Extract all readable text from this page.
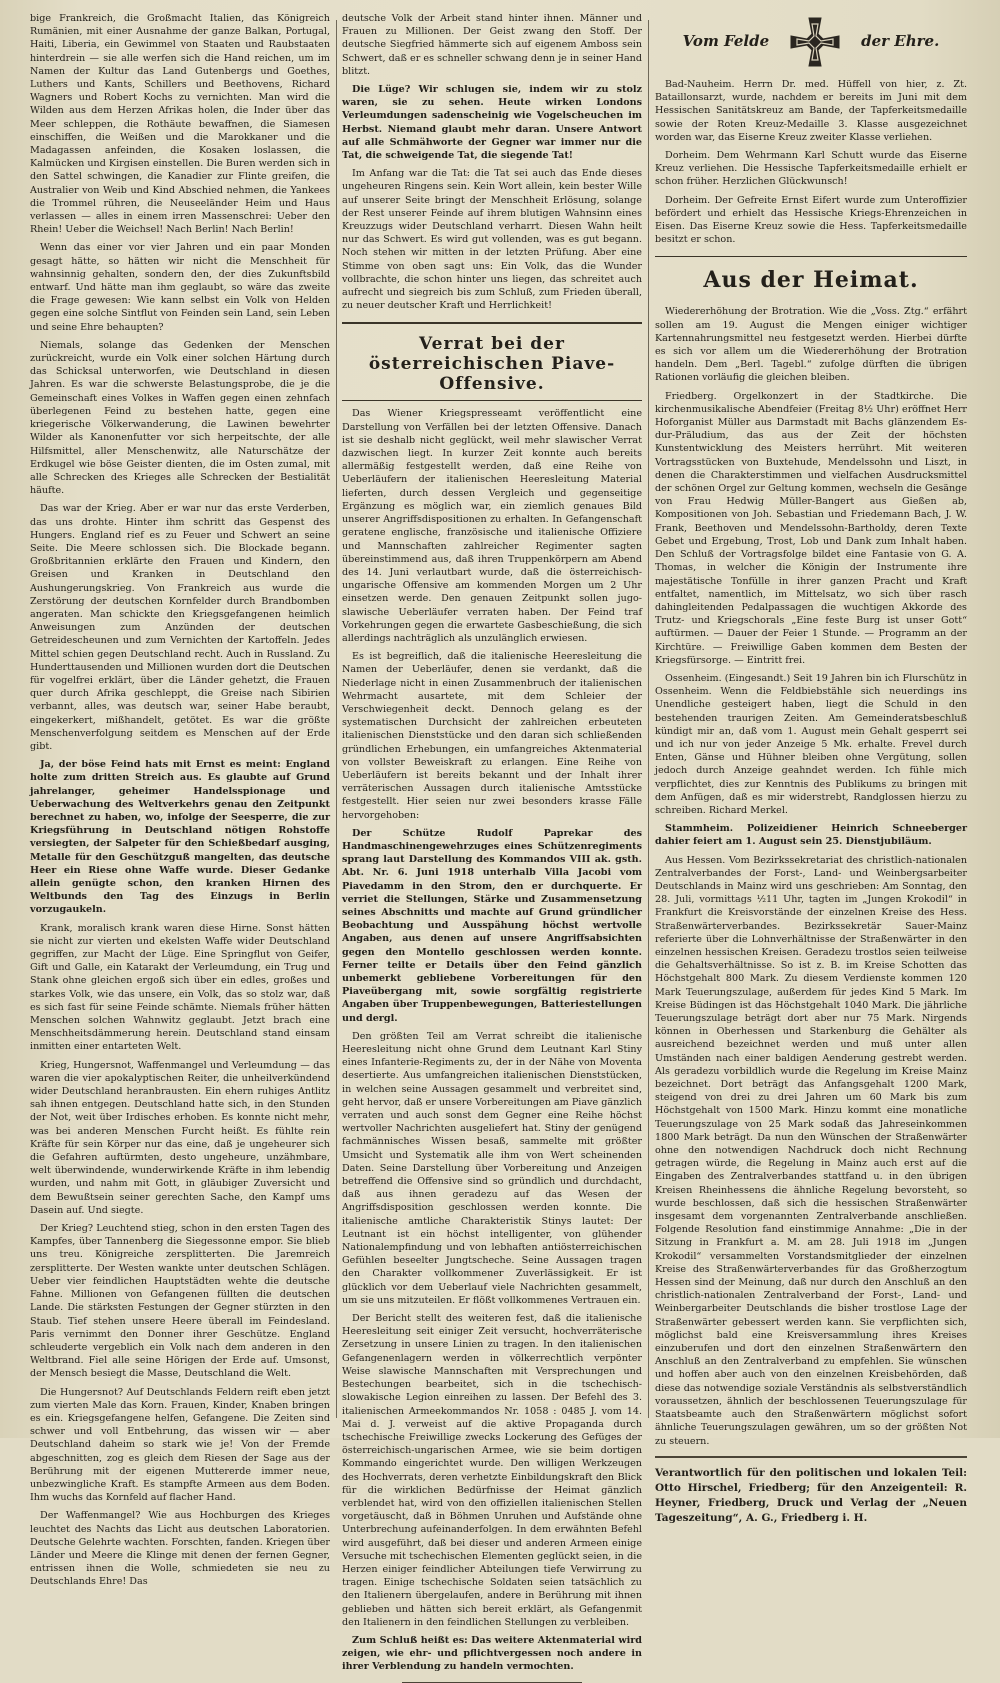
bige Frankreich, die Großmacht Italien, das Königreich Rumänien, mit einer Ausnahme der ganze Balkan, Portugal, Haiti, Liberia, ein Gewimmel von Staaten und Raubstaaten hinterdrein — sie alle werfen sich die Hand reichen, um im Namen der Kultur das Land Gutenbergs und Goethes, Luthers und Kants, Schillers und Beethovens, Richard Wagners und Robert Kochs zu vernichten. Man wird die Wilden aus dem Herzen Afrikas holen, die Inder über das Meer schleppen, die Rothäute bewaffnen, die Siamesen einschiffen, die Weißen und die Marokkaner und die Madagassen anfeinden, die Kosaken loslassen, die Kalmücken und Kirgisen einstellen. Die Buren werden sich in den Sattel schwingen, die Kanadier zur Flinte greifen, die Australier von Weib und Kind Abschied nehmen, die Yankees die Trommel rühren, die Neuseeländer Heim und Haus verlassen — alles in einem irren Massenschrei: Ueber den Rhein! Ueber die Weichsel! Nach Berlin! Nach Berlin!

Wenn das einer vor vier Jahren und ein paar Monden gesagt hätte, so hätten wir nicht die Menschheit für wahnsinnig gehalten, sondern den, der dies Zukunftsbild entwarf. Und hätte man ihm geglaubt, so wäre das zweite die Frage gewesen: Wie kann selbst ein Volk von Helden gegen eine solche Sintflut von Feinden sein Land, sein Leben und seine Ehre behaupten?

Niemals, solange das Gedenken der Menschen zurückreicht, wurde ein Volk einer solchen Härtung durch das Schicksal unterworfen, wie Deutschland in diesen Jahren. Es war die schwerste Belastungsprobe, die je die Gemeinschaft eines Volkes in Waffen gegen einen zehnfach überlegenen Feind zu bestehen hatte, gegen eine kriegerische Völkerwanderung, die Lawinen bewehrter Wilder als Kanonenfutter vor sich herpeitschte, der alle Hilfsmittel, aller Menschenwitz, alle Naturschätze der Erdkugel wie böse Geister dienten, die im Osten zumal, mit alle Schrecken des Krieges alle Schrecken der Bestialität häufte.

Das war der Krieg. Aber er war nur das erste Verderben, das uns drohte. Hinter ihm schritt das Gespenst des Hungers. England rief es zu Feuer und Schwert an seine Seite. Die Meere schlossen sich. Die Blockade begann. Großbritannien erklärte den Frauen und Kindern, den Greisen und Kranken in Deutschland den Aushungerungskrieg. Von Frankreich aus wurde die Zerstörung der deutschen Kornfelder durch Brandbomben angeraten. Man schickte den Kriegsgefangenen heimlich Anweisungen zum Anzünden der deutschen Getreidescheunen und zum Vernichten der Kartoffeln. Jedes Mittel schien gegen Deutschland recht. Auch in Russland. Zu Hunderttausenden und Millionen wurden dort die Deutschen für vogelfrei erklärt, über die Länder gehetzt, die Frauen quer durch Afrika geschleppt, die Greise nach Sibirien verbannt, alles, was deutsch war, seiner Habe beraubt, eingekerkert, mißhandelt, getötet. Es war die größte Menschenverfolgung seitdem es Menschen auf der Erde gibt.

Ja, der böse Feind hats mit Ernst es meint: England holte zum dritten Streich aus. Es glaubte auf Grund jahrelanger, geheimer Handelsspionage und Ueberwachung des Weltverkehrs genau den Zeitpunkt berechnet zu haben, wo, infolge der Seesperre, die zur Kriegsführung in Deutschland nötigen Rohstoffe versiegten, der Salpeter für den Schießbedarf ausging, Metalle für den Geschützguß mangelten, das deutsche Heer ein Riese ohne Waffe wurde. Dieser Gedanke allein genügte schon, den kranken Hirnen des Weltbunds den Tag des Einzugs in Berlin vorzugaukeln.

Krank, moralisch krank waren diese Hirne. Sonst hätten sie nicht zur vierten und ekelsten Waffe wider Deutschland gegriffen, zur Macht der Lüge. Eine Springflut von Geifer, Gift und Galle, ein Katarakt der Verleumdung, ein Trug und Stank ohne gleichen ergoß sich über ein edles, großes und starkes Volk, wie das unsere, ein Volk, das so stolz war, daß es sich fast für seine Feinde schämte. Niemals früher hätten Menschen solchen Wahnwitz geglaubt. Jetzt brach eine Menschheitsdämmerung herein. Deutschland stand einsam inmitten einer entarteten Welt.

Krieg, Hungersnot, Waffenmangel und Verleumdung — das waren die vier apokalyptischen Reiter, die unheilverkündend wider Deutschland heranbrausten. Ein ehern ruhiges Antlitz sah ihnen entgegen. Deutschland hatte sich, in den Stunden der Not, weit über Irdisches erhoben. Es konnte nicht mehr, was bei anderen Menschen Furcht heißt. Es fühlte rein Kräfte für sein Körper nur das eine, daß je ungeheurer sich die Gefahren auftürmten, desto ungeheure, unzähmbare, welt überwindende, wunderwirkende Kräfte in ihm lebendig wurden, und nahm mit Gott, in gläubiger Zuversicht und dem Bewußtsein seiner gerechten Sache, den Kampf ums Dasein auf. Und siegte.

Der Krieg? Leuchtend stieg, schon in den ersten Tagen des Kampfes, über Tannenberg die Siegessonne empor. Sie blieb uns treu. Königreiche zersplitterten. Die Jaremreich zersplitterte. Der Westen wankte unter deutschen Schlägen. Ueber vier feindlichen Hauptstädten wehte die deutsche Fahne. Millionen von Gefangenen füllten die deutschen Lande. Die stärksten Festungen der Gegner stürzten in den Staub. Tief stehen unsere Heere überall im Feindesland. Paris vernimmt den Donner ihrer Geschütze. England schleuderte vergeblich ein Volk nach dem anderen in den Weltbrand. Fiel alle seine Hörigen der Erde auf. Umsonst, der Mensch besiegt die Masse, Deutschland die Welt.

Die Hungersnot? Auf Deutschlands Feldern reift eben jetzt zum vierten Male das Korn. Frauen, Kinder, Knaben bringen es ein. Kriegsgefangene helfen, Gefangene. Die Zeiten sind schwer und voll Entbehrung, das wissen wir — aber Deutschland daheim so stark wie je! Von der Fremde abgeschnitten, zog es gleich dem Riesen der Sage aus der Berührung mit der eigenen Muttererde immer neue, unbezwingliche Kraft. Es stampfte Armeen aus dem Boden. Ihm wuchs das Kornfeld auf flacher Hand.

Der Waffenmangel? Wie aus Hochburgen des Krieges leuchtet des Nachts das Licht aus deutschen Laboratorien. Deutsche Gelehrte wachten. Forschten, fanden. Kriegen über Länder und Meere die Klinge mit denen der fernen Gegner, entrissen ihnen die Wolle, schmiedeten sie neu zu Deutschlands Ehre! Das

deutsche Volk der Arbeit stand hinter ihnen. Männer und Frauen zu Millionen. Der Geist zwang den Stoff. Der deutsche Siegfried hämmerte sich auf eigenem Amboss sein Schwert, daß er es schneller schwang denn je in seiner Hand blitzt.

Die Lüge? Wir schlugen sie, indem wir zu stolz waren, sie zu sehen. Heute wirken Londons Verleumdungen sadenscheinig wie Vogelscheuchen im Herbst. Niemand glaubt mehr daran. Unsere Antwort auf alle Schmähworte der Gegner war immer nur die Tat, die schweigende Tat, die siegende Tat!

Im Anfang war die Tat: die Tat sei auch das Ende dieses ungeheuren Ringens sein. Kein Wort allein, kein bester Wille auf unserer Seite bringt der Menschheit Erlösung, solange der Rest unserer Feinde auf ihrem blutigen Wahnsinn eines Kreuzzugs wider Deutschland verharrt. Diesen Wahn heilt nur das Schwert. Es wird gut vollenden, was es gut begann. Noch stehen wir mitten in der letzten Prüfung. Aber eine Stimme von oben sagt uns: Ein Volk, das die Wunder vollbrachte, die schon hinter uns liegen, das schreitet auch aufrecht und siegreich bis zum Schluß, zum Frieden überall, zu neuer deutscher Kraft und Herrlichkeit!

Verrat bei der österreichischen Piave-Offensive.

Das Wiener Kriegspresseamt veröffentlicht eine Darstellung von Verfällen bei der letzten Offensive. Danach ist sie deshalb nicht geglückt, weil mehr slawischer Verrat dazwischen liegt. In kurzer Zeit konnte auch bereits allermäßig festgestellt werden, daß eine Reihe von Ueberläufern der italienischen Heeresleitung Material lieferten, durch dessen Vergleich und gegenseitige Ergänzung es möglich war, ein ziemlich genaues Bild unserer Angriffsdispositionen zu erhalten. In Gefangenschaft geratene englische, französische und italienische Offiziere und Mannschaften zahlreicher Regimenter sagten übereinstimmend aus, daß ihren Truppenkörpern am Abend des 14. Juni verlautbart wurde, daß die österreichisch-ungarische Offensive am kommenden Morgen um 2 Uhr einsetzen werde. Den genauen Zeitpunkt sollen jugo-slawische Ueberläufer verraten haben. Der Feind traf Vorkehrungen gegen die erwartete Gasbeschießung, die sich allerdings nachträglich als unzulänglich erwiesen.

Es ist begreiflich, daß die italienische Heeresleitung die Namen der Ueberläufer, denen sie verdankt, daß die Niederlage nicht in einen Zusammenbruch der italienischen Wehrmacht ausartete, mit dem Schleier der Verschwiegenheit deckt. Dennoch gelang es der systematischen Durchsicht der zahlreichen erbeuteten italienischen Dienststücke und den daran sich schließenden gründlichen Erhebungen, ein umfangreiches Aktenmaterial von vollster Beweiskraft zu erlangen. Eine Reihe von Ueberläufern ist bereits bekannt und der Inhalt ihrer verräterischen Aussagen durch italienische Amtsstücke festgestellt. Hier seien nur zwei besonders krasse Fälle hervorgehoben:

Der Schütze Rudolf Paprekar des Handmaschinengewehrzuges eines Schützenregiments sprang laut Darstellung des Kommandos VIII ak. gsth. Abt. Nr. 6. Juni 1918 unterhalb Villa Jacobi vom Piavedamm in den Strom, den er durchquerte. Er verriet die Stellungen, Stärke und Zusammensetzung seines Abschnitts und machte auf Grund gründlicher Beobachtung und Ausspähung höchst wertvolle Angaben, aus denen auf unsere Angriffsabsichten gegen den Montello geschlossen werden konnte. Ferner teilte er Details über den Feind gänzlich unbemerkt gebliebene Vorbereitungen für den Piaveübergang mit, sowie sorgfältig registrierte Angaben über Truppenbewegungen, Batteriestellungen und dergl.

Den größten Teil am Verrat schreibt die italienische Heeresleitung nicht ohne Grund dem Leutnant Karl Stiny eines Infanterie-Regiments zu, der in der Nähe von Moventa desertierte. Aus umfangreichen italienischen Dienststücken, in welchen seine Aussagen gesammelt und verbreitet sind, geht hervor, daß er unsere Vorbereitungen am Piave gänzlich verraten und auch sonst dem Gegner eine Reihe höchst wertvoller Nachrichten ausgeliefert hat. Stiny der genügend fachmännisches Wissen besaß, sammelte mit größter Umsicht und Systematik alle ihm von Wert scheinenden Daten. Seine Darstellung über Vorbereitung und Anzeigen betreffend die Offensive sind so gründlich und durchdacht, daß aus ihnen geradezu auf das Wesen der Angriffsdisposition geschlossen werden konnte. Die italienische amtliche Charakteristik Stinys lautet: Der Leutnant ist ein höchst intelligenter, von glühender Nationalempfindung und von lebhaften antiösterreichischen Gefühlen beseelter Jungtscheche. Seine Aussagen tragen den Charakter vollkommener Zuverlässigkeit. Er ist glücklich vor dem Ueberlauf viele Nachrichten gesammelt, um sie uns mitzuteilen. Er flößt vollkommenes Vertrauen ein.

Der Bericht stellt des weiteren fest, daß die italienische Heeresleitung seit einiger Zeit versucht, hochverräterische Zersetzung in unsere Linien zu tragen. In den italienischen Gefangenenlagern werden in völkerrechtlich verpönter Weise slawische Mannschaften mit Versprechungen und Bestechungen bearbeitet, sich in die tschechisch-slowakische Legion einreihen zu lassen. Der Befehl des 3. italienischen Armeekommandos Nr. 1058 : 0485 J. vom 14. Mai d. J. verweist auf die aktive Propaganda durch tschechische Freiwillige zwecks Lockerung des Gefüges der österreichisch-ungarischen Armee, wie sie beim dortigen Kommando eingerichtet wurde. Den willigen Werkzeugen des Hochverrats, deren verhetzte Einbildungskraft den Blick für die wirklichen Bedürfnisse der Heimat gänzlich verblendet hat, wird von den offiziellen italienischen Stellen vorgetäuscht, daß in Böhmen Unruhen und Aufstände ohne Unterbrechung aufeinanderfolgen. In dem erwähnten Befehl wird ausgeführt, daß bei dieser und anderen Armeen einige Versuche mit tschechischen Elementen geglückt seien, in die Herzen einiger feindlicher Abteilungen tiefe Verwirrung zu tragen. Einige tschechische Soldaten seien tatsächlich zu den Italienern übergelaufen, andere in Berührung mit ihnen geblieben und hätten sich bereit erklärt, als Gefangenmit den Italienern in den feindlichen Stellungen zu verbleiben.

Zum Schluß heißt es: Das weitere Aktenmaterial wird zeigen, wie ehr- und pflichtvergessen noch andere in ihrer Verblendung zu handeln vermochten.

Vom Felde	der Ehre.

Bad-Nauheim. Herrn Dr. med. Hüffell von hier, z. Zt. Bataillonsarzt, wurde, nachdem er bereits im Juni mit dem Hessischen Sanitätskreuz am Bande, der Tapferkeitsmedaille sowie der Roten Kreuz-Medaille 3. Klasse ausgezeichnet worden war, das Eiserne Kreuz zweiter Klasse verliehen.

Dorheim. Dem Wehrmann Karl Schutt wurde das Eiserne Kreuz verliehen. Die Hessische Tapferkeitsmedaille erhielt er schon früher. Herzlichen Glückwunsch!

Dorheim. Der Gefreite Ernst Eifert wurde zum Unteroffizier befördert und erhielt das Hessische Kriegs-Ehrenzeichen in Eisen. Das Eiserne Kreuz sowie die Hess. Tapferkeitsmedaille besitzt er schon.

Aus der Heimat.

Wiedererhöhung der Brotration. Wie die „Voss. Ztg.“ erfährt sollen am 19. August die Mengen einiger wichtiger Kartennahrungsmittel neu festgesetzt werden. Hierbei dürfte es sich vor allem um die Wiedererhöhung der Brotration handeln. Dem „Berl. Tagebl.“ zufolge dürften die übrigen Rationen vorläufig die gleichen bleiben.

Friedberg. Orgelkonzert in der Stadtkirche. Die kirchenmusikalische Abendfeier (Freitag 8½ Uhr) eröffnet Herr Hoforganist Müller aus Darmstadt mit Bachs glänzendem Es-dur-Präludium, das aus der Zeit der höchsten Kunstentwicklung des Meisters herrührt. Mit weiteren Vortragsstücken von Buxtehude, Mendelssohn und Liszt, in denen die Charakterstimmen und vielfachen Ausdrucksmittel der schönen Orgel zur Geltung kommen, wechseln die Gesänge von Frau Hedwig Müller-Bangert aus Gießen ab, Kompositionen von Joh. Sebastian und Friedemann Bach, J. W. Frank, Beethoven und Mendelssohn-Bartholdy, deren Texte Gebet und Ergebung, Trost, Lob und Dank zum Inhalt haben. Den Schluß der Vortragsfolge bildet eine Fantasie von G. A. Thomas, in welcher die Königin der Instrumente ihre majestätische Tonfülle in ihrer ganzen Pracht und Kraft entfaltet, namentlich, im Mittelsatz, wo sich über rasch dahingleitenden Pedalpassagen die wuchtigen Akkorde des Trutz- und Kriegschorals „Eine feste Burg ist unser Gott“ auftürmen. — Dauer der Feier 1 Stunde. — Programm an der Kirchtüre. — Freiwillige Gaben kommen dem Besten der Kriegsfürsorge. — Eintritt frei.

Ossenheim. (Eingesandt.) Seit 19 Jahren bin ich Flurschütz in Ossenheim. Wenn die Feldbiebstähle sich neuerdings ins Unendliche gesteigert haben, liegt die Schuld in den bestehenden traurigen Zeiten. Am Gemeinderatsbeschluß kündigt mir an, daß vom 1. August mein Gehalt gesperrt sei und ich nur von jeder Anzeige 5 Mk. erhalte. Frevel durch Enten, Gänse und Hühner bleiben ohne Vergütung, sollen jedoch durch Anzeige geahndet werden. Ich fühle mich verpflichtet, dies zur Kenntnis des Publikums zu bringen mit dem Anfügen, daß es mir widerstrebt, Randglossen hierzu zu schreiben. Richard Merkel.

Stammheim. Polizeidiener Heinrich Schneeberger dahier feiert am 1. August sein 25. Dienstjubiläum.

Aus Hessen. Vom Bezirkssekretariat des christlich-nationalen Zentralverbandes der Forst-, Land- und Weinbergsarbeiter Deutschlands in Mainz wird uns geschrieben: Am Sonntag, den 28. Juli, vormittags ½11 Uhr, tagten im „Jungen Krokodil“ in Frankfurt die Kreisvorstände der einzelnen Kreise des Hess. Straßenwärterverbandes. Bezirkssekretär Sauer-Mainz referierte über die Lohnverhältnisse der Straßenwärter in den einzelnen hessischen Kreisen. Geradezu trostlos seien teilweise die Gehaltsverhältnisse. So ist z. B. im Kreise Schotten das Höchstgehalt 800 Mark. Zu diesem Verdienste kommen 120 Mark Teuerungszulage, außerdem für jedes Kind 5 Mark. Im Kreise Büdingen ist das Höchstgehalt 1040 Mark. Die jährliche Teuerungszulage beträgt dort aber nur 75 Mark. Nirgends können in Oberhessen und Starkenburg die Gehälter als ausreichend bezeichnet werden und muß unter allen Umständen nach einer baldigen Aenderung gestrebt werden. Als geradezu vorbildlich wurde die Regelung im Kreise Mainz bezeichnet. Dort beträgt das Anfangsgehalt 1200 Mark, steigend von drei zu drei Jahren um 60 Mark bis zum Höchstgehalt von 1500 Mark. Hinzu kommt eine monatliche Teuerungszulage von 25 Mark sodaß das Jahreseinkommen 1800 Mark beträgt. Da nun den Wünschen der Straßenwärter ohne den notwendigen Nachdruck doch nicht Rechnung getragen würde, die Regelung in Mainz auch erst auf die Eingaben des Zentralverbandes stattfand u. in den übrigen Kreisen Rheinhessens die ähnliche Regelung bevorsteht, so wurde beschlossen, daß sich die hessischen Straßenwärter insgesamt dem vorgenannten Zentralverbande anschließen. Folgende Resolution fand einstimmige Annahme: „Die in der Sitzung in Frankfurt a. M. am 28. Juli 1918 im „Jungen Krokodil“ versammelten Vorstandsmitglieder der einzelnen Kreise des Straßenwärterverbandes für das Großherzogtum Hessen sind der Meinung, daß nur durch den Anschluß an den christlich-nationalen Zentralverband der Forst-, Land- und Weinbergarbeiter Deutschlands die bisher trostlose Lage der Straßenwärter gebessert werden kann. Sie verpflichten sich, möglichst bald eine Kreisversammlung ihres Kreises einzuberufen und dort den einzelnen Straßenwärtern den Anschluß an den Zentralverband zu empfehlen. Sie wünschen und hoffen aber auch von den einzelnen Kreisbehörden, daß diese das notwendige soziale Verständnis als selbstverständlich voraussetzen, ähnlich der beschlossenen Teuerungszulage für Staatsbeamte auch den Straßenwärtern möglichst sofort ähnliche Teuerungszulagen gewähren, um so der größten Not zu steuern.

Verantwortlich für den politischen und lokalen Teil: Otto Hirschel, Friedberg; für den Anzeigenteil: R. Heyner, Friedberg, Druck und Verlag der „Neuen Tageszeitung“, A. G., Friedberg i. H.
